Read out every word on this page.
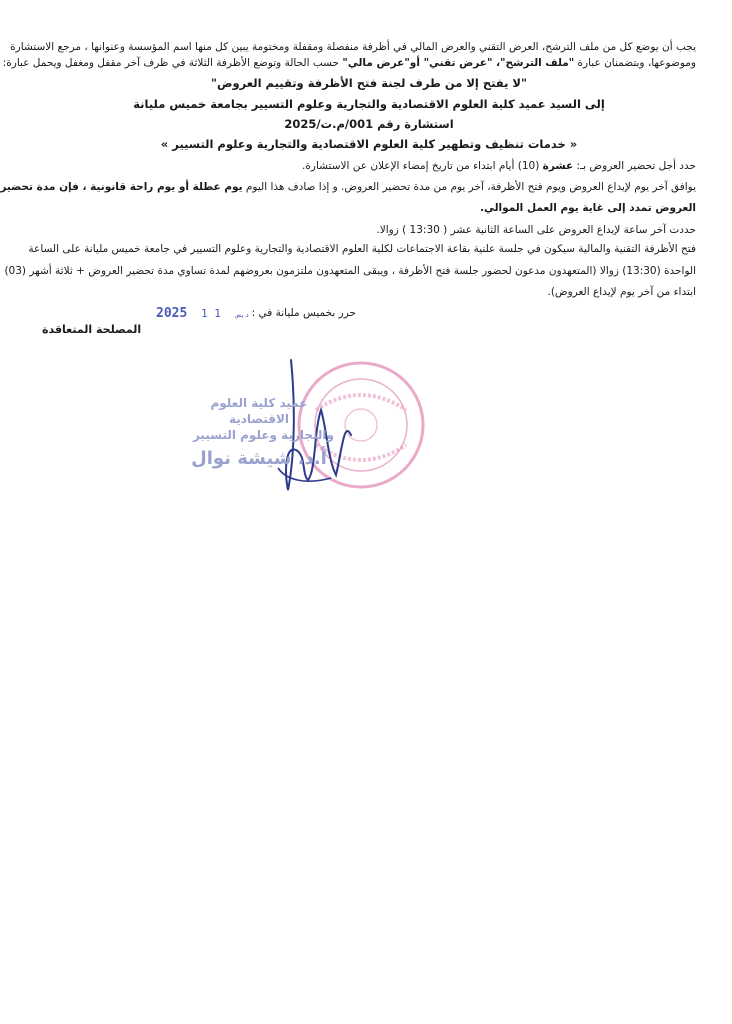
يجب أن يوضع كل من ملف الترشح، العرض التقني والعرض المالي في أظرفة منفصلة ومقفلة ومختومة يبين كل منها اسم المؤسسة وعنوانها ، مرجع الاستشارة
وموضوعها، وبتضمنان عبارة "ملف الترشح"، "عرض تقني" أو"عرض مالي" حسب الحالة وتوضع الأظرفة الثلاثة في ظرف آخر مقفل ومغفل ويحمل عبارة:
"لا يفتح إلا من طرف لجنة فتح الأظرفة وتقييم العروض"
إلى السيد عميد كلية العلوم الاقتصادية والتجارية وعلوم التسيير بجامعة خميس مليانة
استشارة رقم 001/م.ت/2025
« خدمات تنظيف وتطهير كلية العلوم الاقتصادية والتجارية وعلوم التسيير »
حدد أجل تحضير العروض بـ: عشرة (10) أيام ابتداء من تاريخ إمضاء الإعلان عن الاستشارة.
يوافق آخر يوم لإيداع العروض ويوم فتح الأظرفة، آخر يوم من مدة تحضير العروض. و إذا صادف هذا اليوم يوم عطلة أو يوم راحة قانونية ، فإن مدة تحضير
العروض تمدد إلى غاية يوم العمل الموالي.
حددت آخر ساعة لإيداع العروض على الساعة الثانية عشر ( 13:30 ) زوالا.
فتح الأظرفة التقنية والمالية سيكون في جلسة علنية بقاعة الاجتماعات لكلية العلوم الاقتصادية والتجارية وعلوم التسيير في جامعة خميس مليانة على الساعة
الواحدة (13:30) زوالا (المتعهدون مدعون لحضور جلسة فتح الأظرفة ، ويبقى المتعهدون ملتزمون بعروضهم لمدة تساوي مدة تحضير العروض + ثلاثة أشهر (03)
ابتداء من آخر يوم لإيداع العروض).
حرر بخميس مليانة في :
2025	ديس 1 1
المصلحة المتعاقدة
عميد كلية العلوم الاقتصادية
والتجارية وعلوم التسيير
أ.د. شيشة نوال
